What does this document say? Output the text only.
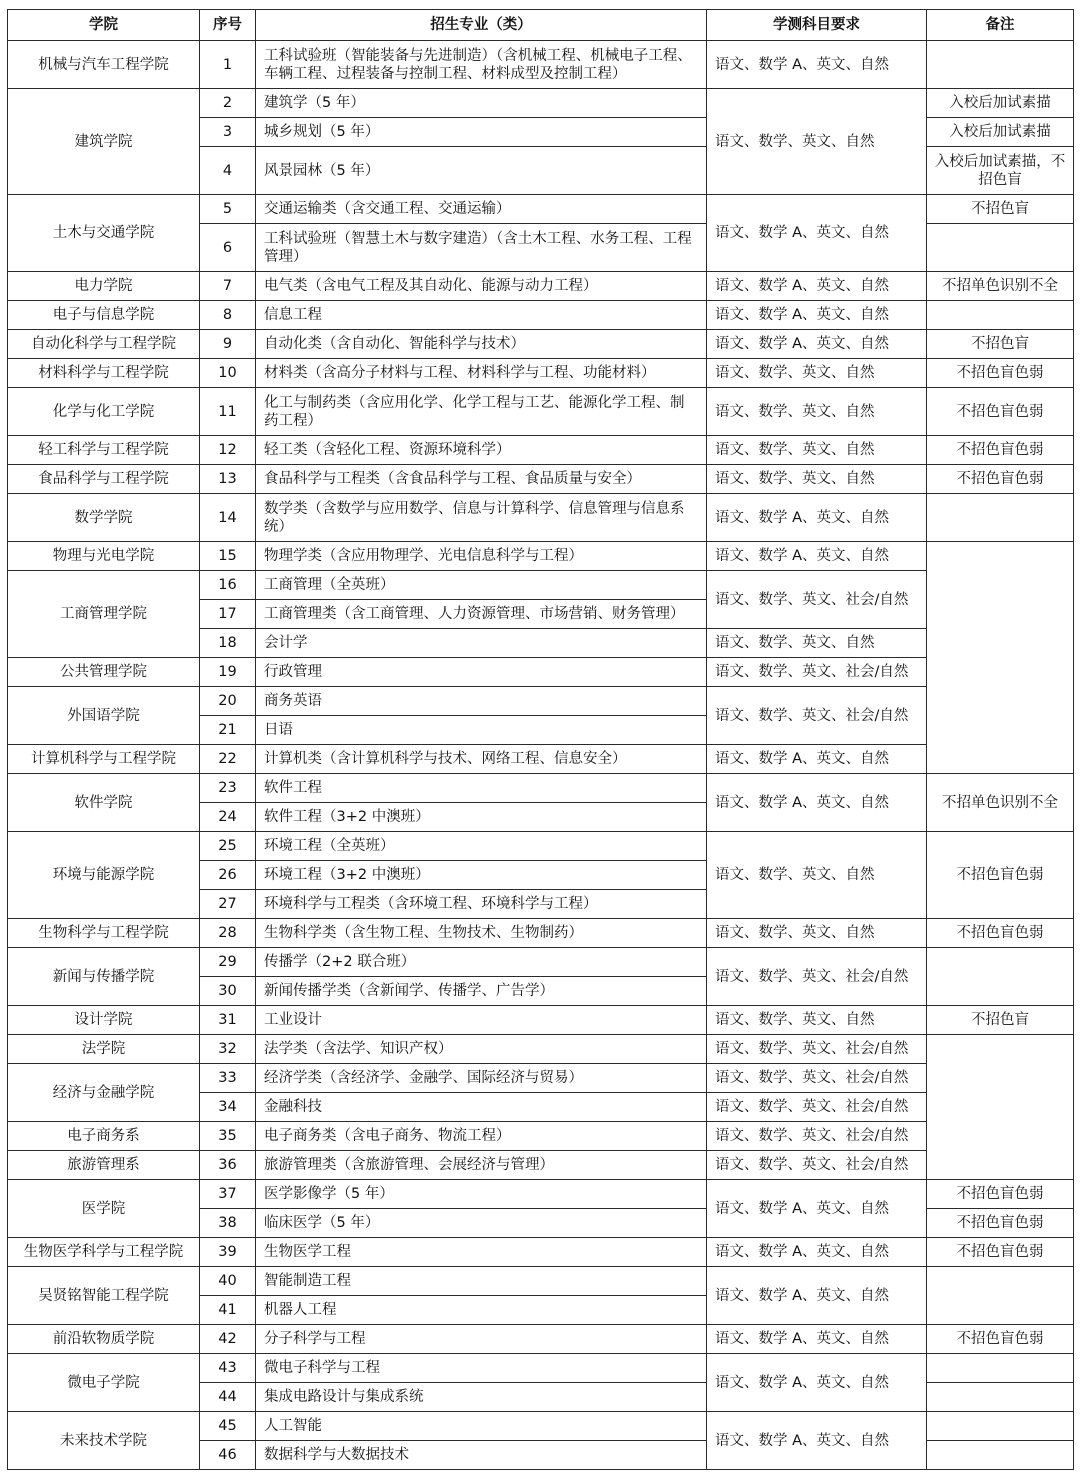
学院	序号	招生专业（类）	学测科目要求	备注
机械与汽车工程学院	1	工科试验班（智能装备与先进制造）（含机械工程、机械电子工程、车辆工程、过程装备与控制工程、材料成型及控制工程）	语文、数学 A、英文、自然	
建筑学院	2	建筑学（5 年）	语文、数学、英文、自然	入校后加试素描
	3	城乡规划（5 年）		入校后加试素描
	4	风景园林（5 年）		入校后加试素描，不招色盲
土木与交通学院	5	交通运输类（含交通工程、交通运输）	语文、数学 A、英文、自然	不招色盲
	6	工科试验班（智慧土木与数字建造）（含土木工程、水务工程、工程管理）		
电力学院	7	电气类（含电气工程及其自动化、能源与动力工程）	语文、数学 A、英文、自然	不招单色识别不全
电子与信息学院	8	信息工程	语文、数学 A、英文、自然	
自动化科学与工程学院	9	自动化类（含自动化、智能科学与技术）	语文、数学 A、英文、自然	不招色盲
材料科学与工程学院	10	材料类（含高分子材料与工程、材料科学与工程、功能材料）	语文、数学、英文、自然	不招色盲色弱
化学与化工学院	11	化工与制药类（含应用化学、化学工程与工艺、能源化学工程、制药工程）	语文、数学、英文、自然	不招色盲色弱
轻工科学与工程学院	12	轻工类（含轻化工程、资源环境科学）	语文、数学、英文、自然	不招色盲色弱
食品科学与工程学院	13	食品科学与工程类（含食品科学与工程、食品质量与安全）	语文、数学、英文、自然	不招色盲色弱
数学学院	14	数学类（含数学与应用数学、信息与计算科学、信息管理与信息系统）	语文、数学 A、英文、自然	
物理与光电学院	15	物理学类（含应用物理学、光电信息科学与工程）	语文、数学 A、英文、自然	
工商管理学院	16	工商管理（全英班）	语文、数学、英文、社会/自然	
	17	工商管理类（含工商管理、人力资源管理、市场营销、财务管理）		
	18	会计学	语文、数学、英文、自然	
公共管理学院	19	行政管理	语文、数学、英文、社会/自然	
外国语学院	20	商务英语	语文、数学、英文、社会/自然	
	21	日语		
计算机科学与工程学院	22	计算机类（含计算机科学与技术、网络工程、信息安全）	语文、数学 A、英文、自然	
软件学院	23	软件工程	语文、数学 A、英文、自然	不招单色识别不全
	24	软件工程（3+2 中澳班）		
环境与能源学院	25	环境工程（全英班）	语文、数学、英文、自然	不招色盲色弱
	26	环境工程（3+2 中澳班）		
	27	环境科学与工程类（含环境工程、环境科学与工程）		
生物科学与工程学院	28	生物科学类（含生物工程、生物技术、生物制药）	语文、数学、英文、自然	不招色盲色弱
新闻与传播学院	29	传播学（2+2 联合班）	语文、数学、英文、社会/自然	
	30	新闻传播学类（含新闻学、传播学、广告学）		
设计学院	31	工业设计	语文、数学、英文、自然	不招色盲
法学院	32	法学类（含法学、知识产权）	语文、数学、英文、社会/自然	
经济与金融学院	33	经济学类（含经济学、金融学、国际经济与贸易）	语文、数学、英文、社会/自然	
	34	金融科技	语文、数学、英文、社会/自然	
电子商务系	35	电子商务类（含电子商务、物流工程）	语文、数学、英文、社会/自然	
旅游管理系	36	旅游管理类（含旅游管理、会展经济与管理）	语文、数学、英文、社会/自然	
医学院	37	医学影像学（5 年）	语文、数学 A、英文、自然	不招色盲色弱
	38	临床医学（5 年）		不招色盲色弱
生物医学科学与工程学院	39	生物医学工程	语文、数学 A、英文、自然	不招色盲色弱
吴贤铭智能工程学院	40	智能制造工程	语文、数学 A、英文、自然	
	41	机器人工程		
前沿软物质学院	42	分子科学与工程	语文、数学 A、英文、自然	不招色盲色弱
微电子学院	43	微电子科学与工程	语文、数学 A、英文、自然	
	44	集成电路设计与集成系统		
未来技术学院	45	人工智能	语文、数学 A、英文、自然	
	46	数据科学与大数据技术		
